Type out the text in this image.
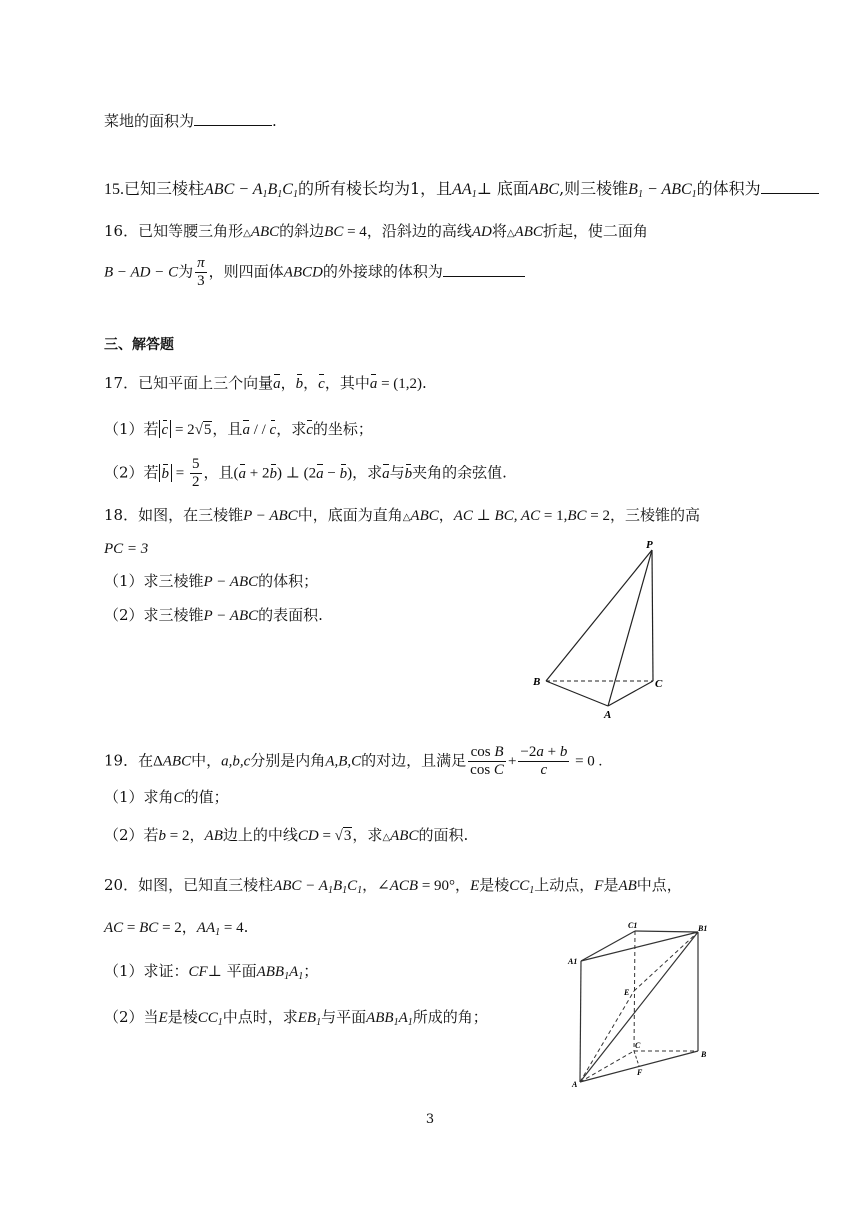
菜地的面积为	.
15.已知三棱柱ABC − $A_1B_1C_1$的所有棱长均为1，且$AA_1\perp$ 底面ABC,则三棱锥$B_1 - ABC_1$的体积为
16．已知等腰三角形△ABC的斜边BC = 4，沿斜边的高线AD将△ABC折起，使二面角
B − AD − C为 $\frac{\pi}{3}$ ，则四面体ABCD的外接球的体积为
三、解答题
17．已知平面上三个向量a，b，c，其中a = (1,2).
（1）若 c = 2√5，且a / / c，求c的坐标；
（2）若 $b = \frac{5}{2}$ ，且(a + 2b) ⊥ (2a − b)，求a与b夹角的余弦值.
18．如图，在三棱锥P − ABC中，底面为直角△ABC，AC ⊥ BC, AC = 1,BC = 2，三棱锥的高
PC = 3
（1）求三棱锥P − ABC的体积；
（2）求三棱锥P − ABC的表面积.
P
B	C
A
19．在ΔABC中，a,b,c分别是内角A,B,C的对边，且满足 $\frac{\text{cos B}}{\text{cos C}} + \frac{-2a + b}{c} = 0$ .
（1）求角C的值；
（2）若b = 2，AB边上的中线CD = √3，求△ABC的面积.
20．如图，已知直三棱柱ABC − $A_1B_1C_1$，∠ACB = 90°，E是棱$CC_1$上动点，F是AB中点，
AC = BC = 2，$AA_1 = 4$.
（1）求证：CF⊥ 平面$ABB_1A_1$；
（2）当E是棱$CC_1$中点时，求$EB_1$与平面$ABB_1A_1$所成的角；
C1	B1
A1
E
C
B
A
F
3
